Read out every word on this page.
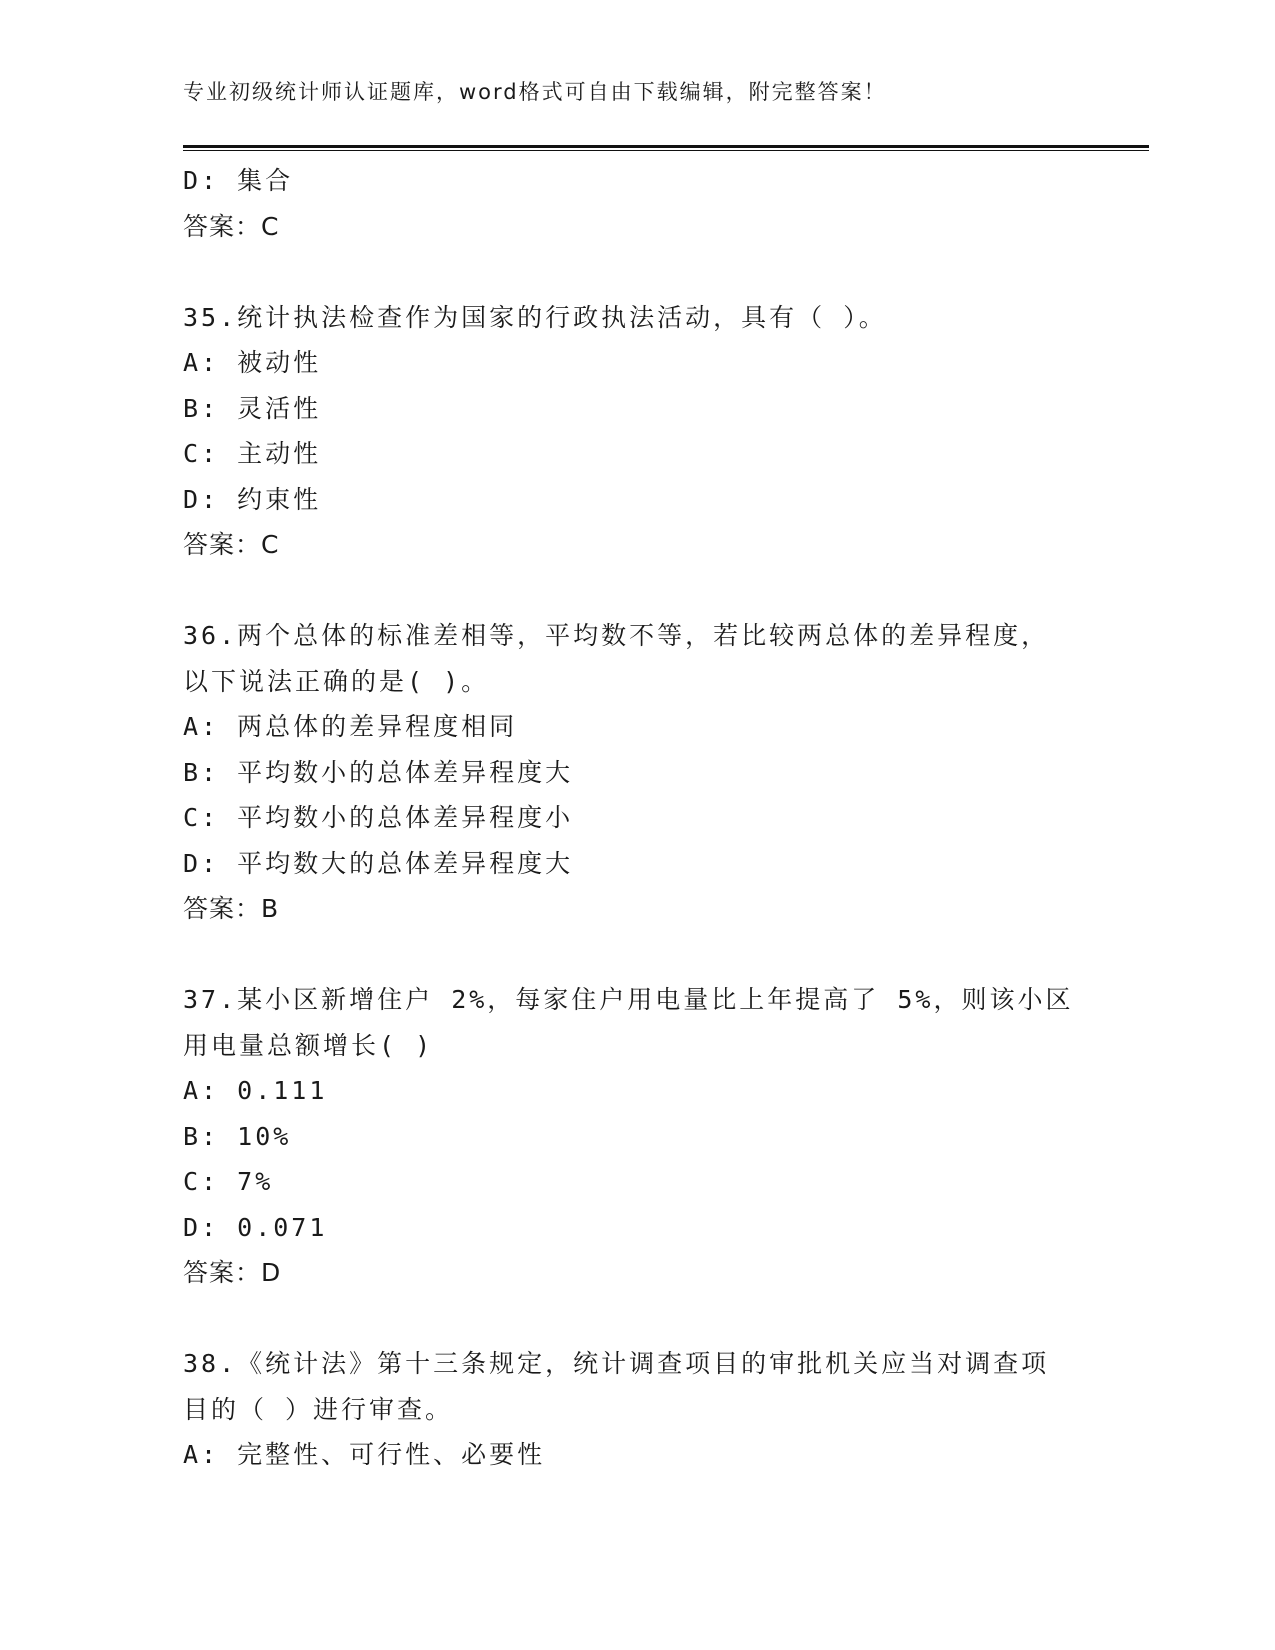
专业初级统计师认证题库，word格式可自由下载编辑，附完整答案！
D: 集合
答案：C
35.统计执法检查作为国家的行政执法活动，具有（ ）。
A: 被动性
B: 灵活性
C: 主动性
D: 约束性
答案：C
36.两个总体的标准差相等，平均数不等，若比较两总体的差异程度，
以下说法正确的是( )。
A: 两总体的差异程度相同
B: 平均数小的总体差异程度大
C: 平均数小的总体差异程度小
D: 平均数大的总体差异程度大
答案：B
37.某小区新增住户 2%，每家住户用电量比上年提高了 5%，则该小区
用电量总额增长( )
A: 0.111
B: 10%
C: 7%
D: 0.071
答案：D
38.《统计法》第十三条规定，统计调查项目的审批机关应当对调查项
目的（ ）进行审查。
A: 完整性、可行性、必要性
